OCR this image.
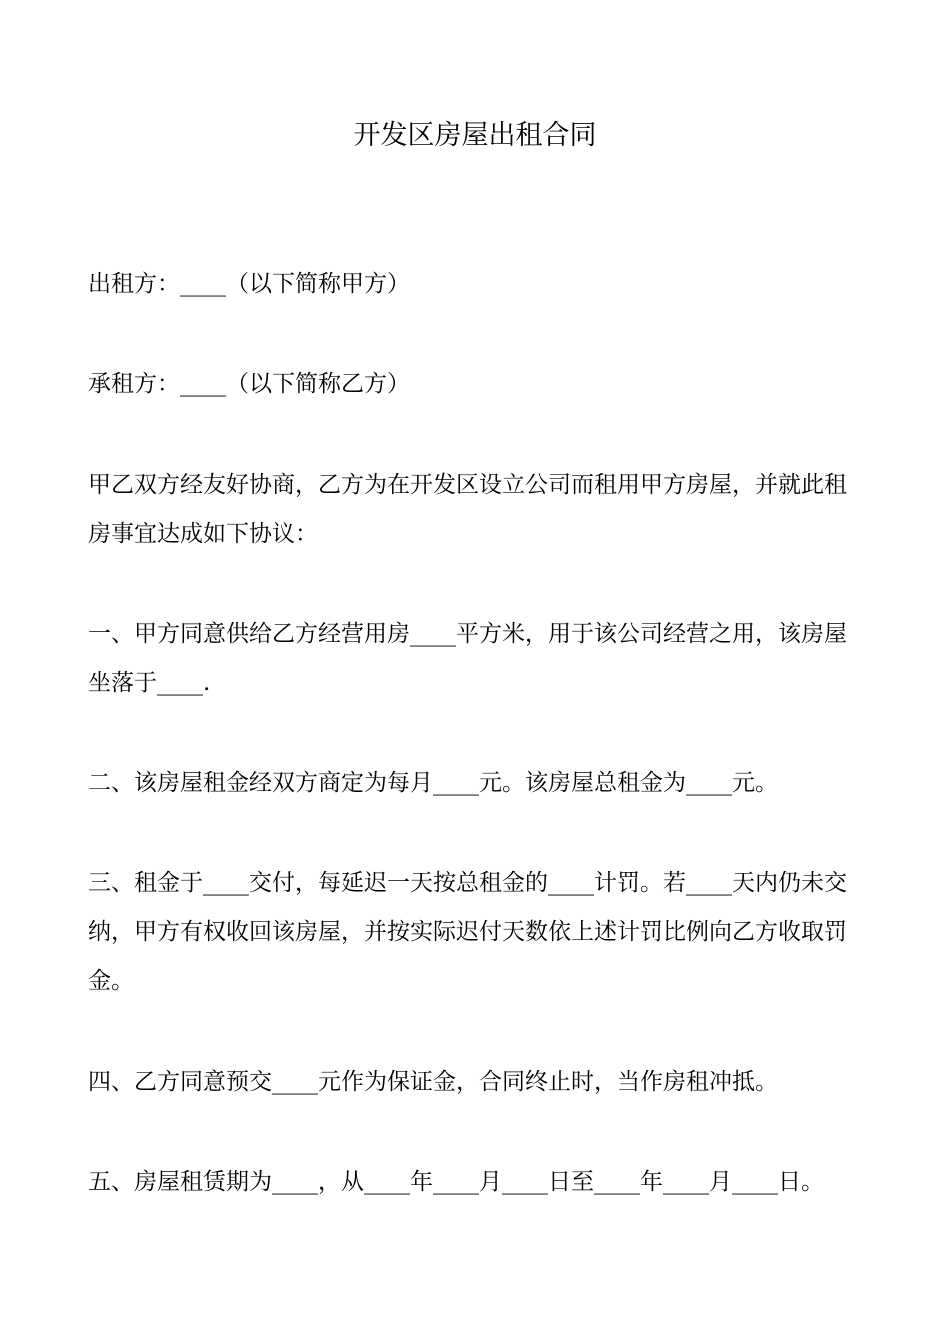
开发区房屋出租合同

出租方：____（以下简称甲方）

承租方：____（以下简称乙方）

甲乙双方经友好协商，乙方为在开发区设立公司而租用甲方房屋，并就此租房事宜达成如下协议：

一、甲方同意供给乙方经营用房____平方米，用于该公司经营之用，该房屋坐落于____.

二、该房屋租金经双方商定为每月____元。该房屋总租金为____元。

三、租金于____交付，每延迟一天按总租金的____计罚。若____天内仍未交纳，甲方有权收回该房屋，并按实际迟付天数依上述计罚比例向乙方收取罚金。

四、乙方同意预交____元作为保证金，合同终止时，当作房租冲抵。

五、房屋租赁期为____，从____年____月____日至____年____月____日。
